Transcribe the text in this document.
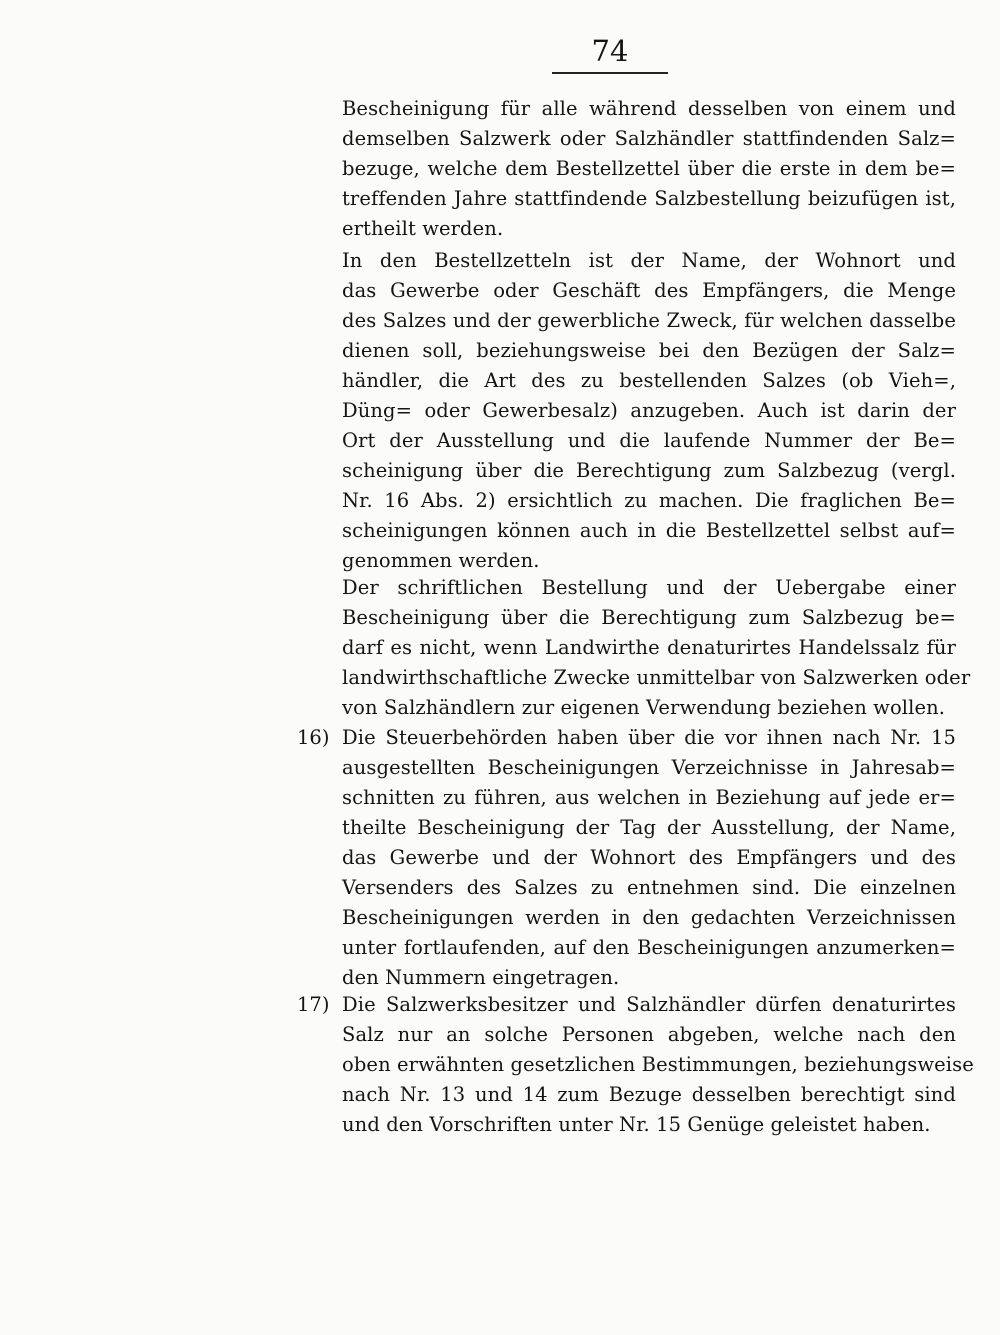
74
Bescheinigung für alle während desselben von einem und
demselben Salzwerk oder Salzhändler stattfindenden Salz=
bezuge, welche dem Bestellzettel über die erste in dem be=
treffenden Jahre stattfindende Salzbestellung beizufügen ist,
ertheilt werden.
In den Bestellzetteln ist der Name, der Wohnort und
das Gewerbe oder Geschäft des Empfängers, die Menge
des Salzes und der gewerbliche Zweck, für welchen dasselbe
dienen soll, beziehungsweise bei den Bezügen der Salz=
händler, die Art des zu bestellenden Salzes (ob Vieh=,
Düng= oder Gewerbesalz) anzugeben. Auch ist darin der
Ort der Ausstellung und die laufende Nummer der Be=
scheinigung über die Berechtigung zum Salzbezug (vergl.
Nr. 16 Abs. 2) ersichtlich zu machen. Die fraglichen Be=
scheinigungen können auch in die Bestellzettel selbst auf=
genommen werden.
Der schriftlichen Bestellung und der Uebergabe einer
Bescheinigung über die Berechtigung zum Salzbezug be=
darf es nicht, wenn Landwirthe denaturirtes Handelssalz für
landwirthschaftliche Zwecke unmittelbar von Salzwerken oder
von Salzhändlern zur eigenen Verwendung beziehen wollen.
16) Die Steuerbehörden haben über die vor ihnen nach Nr. 15
ausgestellten Bescheinigungen Verzeichnisse in Jahresab=
schnitten zu führen, aus welchen in Beziehung auf jede er=
theilte Bescheinigung der Tag der Ausstellung, der Name,
das Gewerbe und der Wohnort des Empfängers und des
Versenders des Salzes zu entnehmen sind. Die einzelnen
Bescheinigungen werden in den gedachten Verzeichnissen
unter fortlaufenden, auf den Bescheinigungen anzumerken=
den Nummern eingetragen.
17) Die Salzwerksbesitzer und Salzhändler dürfen denaturirtes
Salz nur an solche Personen abgeben, welche nach den
oben erwähnten gesetzlichen Bestimmungen, beziehungsweise
nach Nr. 13 und 14 zum Bezuge desselben berechtigt sind
und den Vorschriften unter Nr. 15 Genüge geleistet haben.
